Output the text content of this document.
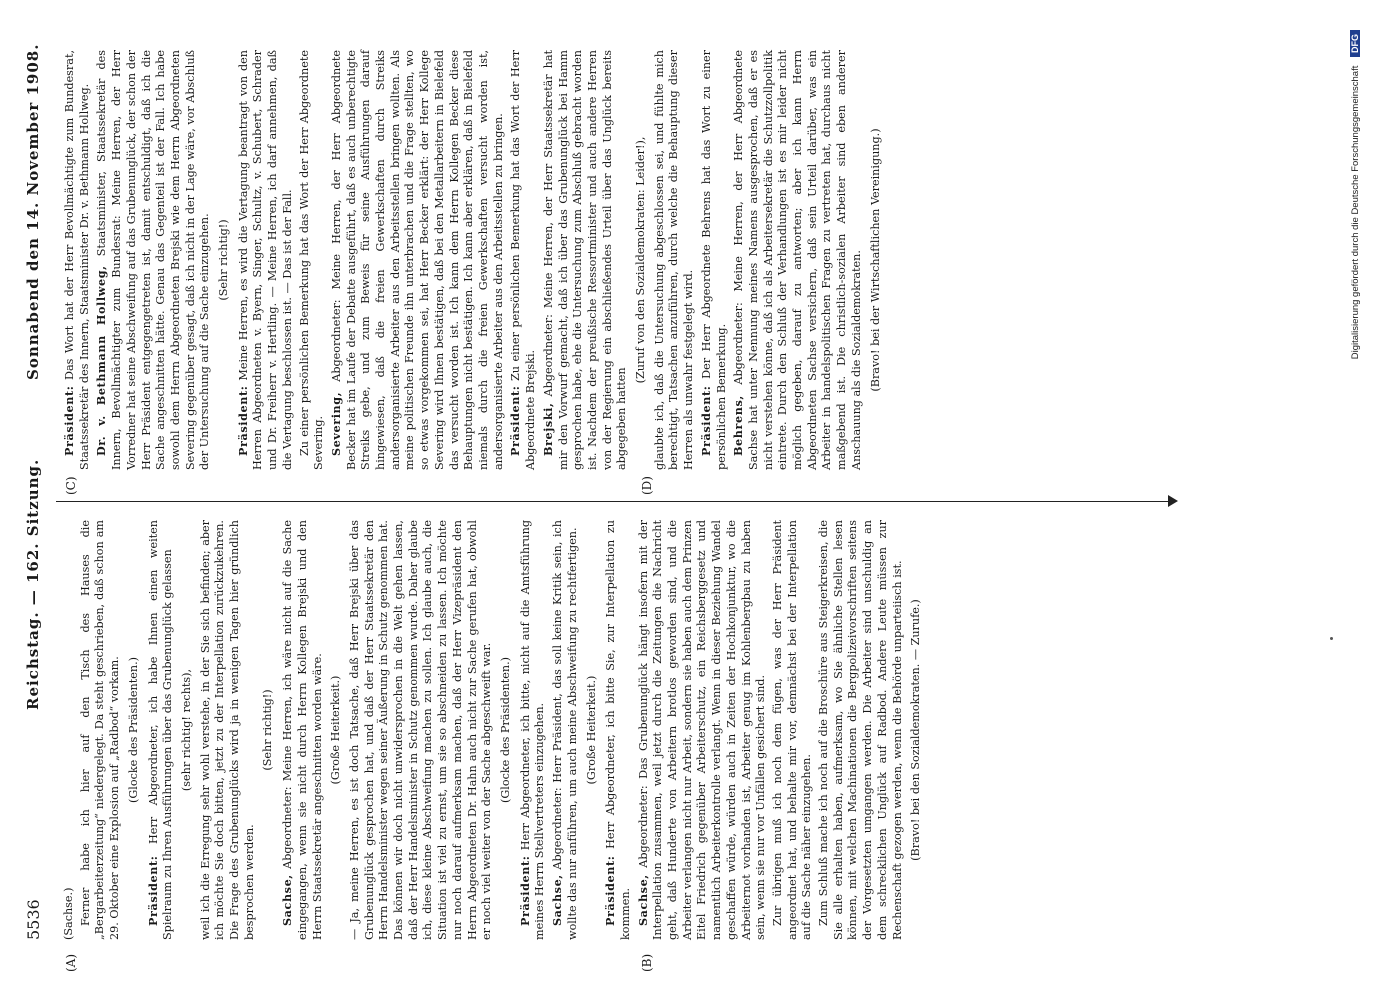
5536
Reichstag. — 162. Sitzung.
Sonnabend den 14. November 1908.
(A)	(B)
(C)	(D)

(Sachse.) Ferner habe ich hier auf den Tisch des Hauses die „Bergarbeiterzeitung“ niedergelegt. Da steht geschrieben, daß schon am 29. Oktober eine Explosion auf „Radbod“ vorkam. (Glocke des Präsidenten.)

Präsident: Herr Abgeordneter, ich habe Ihnen einen weiten Spielraum zu Ihren Ausführungen über das Grubenunglück gelassen (sehr richtig! rechts), weil ich die Erregung sehr wohl verstehe, in der Sie sich befinden; aber ich möchte Sie doch bitten, jetzt zu der Interpellation zurückzukehren. Die Frage des Grubenunglücks wird ja in wenigen Tagen hier gründlich besprochen werden.

(Sehr richtig!)

Sachse, Abgeordneter: Meine Herren, ich wäre nicht auf die Sache eingegangen, wenn sie nicht durch Herrn Kollegen Brejski und den Herrn Staatssekretär angeschnitten worden wäre. (Große Heiterkeit.) — Ja, meine Herren, es ist doch Tatsache, daß Herr Brejski über das Grubenunglück gesprochen hat, und daß der Herr Staatssekretär den Herrn Handelsminister wegen seiner Äußerung in Schutz genommen hat. Das können wir doch nicht unwidersprochen in die Welt gehen lassen, daß der Herr Handelsminister in Schutz genommen wurde. Daher glaube ich, diese kleine Abschweifung machen zu sollen. Ich glaube auch, die Situation ist viel zu ernst, um sie so abschneiden zu lassen. Ich möchte nur noch darauf aufmerksam machen, daß der Herr Vizepräsident den Herrn Abgeordneten Dr. Hahn auch nicht zur Sache gerufen hat, obwohl er noch viel weiter von der Sache abgeschweift war. (Glocke des Präsidenten.)

Präsident: Herr Abgeordneter, ich bitte, nicht auf die Amtsführung meines Herrn Stellvertreters einzugehen. Sachse, Abgeordneter: Herr Präsident, das soll keine Kritik sein, ich wollte das nur anführen, um auch meine Abschweifung zu rechtfertigen. (Große Heiterkeit.)

Präsident: Herr Abgeordneter, ich bitte Sie, zur Interpellation zu kommen. Sachse, Abgeordneter: Das Grubenunglück hängt insofern mit der Interpellation zusammen, weil jetzt durch die Zeitungen die Nachricht geht, daß Hunderte von Arbeitern brotlos geworden sind, und die Arbeiter verlangen nicht nur Arbeit, sondern sie haben auch dem Prinzen Eitel Friedrich gegenüber Arbeiterschutz, ein Reichsberggesetz und namentlich Arbeiterkontrolle verlangt. Wenn in dieser Beziehung Wandel geschaffen würde, würden auch in Zeiten der Hochkonjunktur, wo die Arbeiternot vorhanden ist, Arbeiter genug im Kohlenbergbau zu haben sein, wenn sie nur vor Unfällen gesichert sind. Zur übrigen muß ich noch dem fügen, was der Herr Präsident angeordnet hat, und behalte mir vor, demnächst bei der Interpellation auf die Sache näher einzugehen. Zum Schluß mache ich noch auf die Broschüre aus Steigerkreisen, die Sie alle erhalten haben, aufmerksam, wo Sie ähnliche Stellen lesen können, mit welchen Machinationen die Bergpolizeivorschriften seitens der Vorgesetzten umgangen werden. Die Arbeiter sind unschuldig an dem schrecklichen Unglück auf Radbod. Andere Leute müssen zur Rechenschaft gezogen werden, wenn die Behörde unparteiisch ist. (Bravo! bei den Sozialdemokraten. — Zurufe.)

Präsident: Das Wort hat der Herr Bevollmächtigte zum Bundesrat, Staatssekretär des Innern, Staatsminister Dr. v. Bethmann Hollweg. Dr. v. Bethmann Hollweg, Staatsminister, Staatssekretär des Innern, Bevollmächtigter zum Bundesrat: Meine Herren, der Herr Vorredner hat seine Abschweifung auf das Grubenunglück, der schon der Herr Präsident entgegengetreten ist, damit entschuldigt, daß ich die Sache angeschnitten hätte. Genau das Gegenteil ist der Fall. Ich habe sowohl dem Herrn Abgeordneten Brejski wie dem Herrn Abgeordneten Severing gegenüber gesagt, daß ich nicht in der Lage wäre, vor Abschluß der Untersuchung auf die Sache einzugehen. (Sehr richtig!)

Präsident: Meine Herren, es wird die Vertagung beantragt von den Herren Abgeordneten v. Byern, Singer, Schultz, v. Schubert, Schrader und Dr. Freiherr v. Hertling. — Meine Herren, ich darf annehmen, daß die Vertagung beschlossen ist. — Das ist der Fall. Zu einer persönlichen Bemerkung hat das Wort der Herr Abgeordnete Severing. Severing, Abgeordneter: Meine Herren, der Herr Abgeordnete Becker hat im Laufe der Debatte ausgeführt, daß es auch unberechtigte Streiks gebe, und zum Beweis für seine Ausführungen darauf hingewiesen, daß die freien Gewerkschaften durch Streiks andersorganisierte Arbeiter aus den Arbeitsstellen bringen wollten. Als meine politischen Freunde ihn unterbrachen und die Frage stellten, wo so etwas vorgekommen sei, hat Herr Becker erklärt: der Herr Kollege Severing wird Ihnen bestätigen, daß bei den Metallarbeitern in Bielefeld das versucht worden ist. Ich kann dem Herrn Kollegen Becker diese Behauptungen nicht bestätigen. Ich kann aber erklären, daß in Bielefeld niemals durch die freien Gewerkschaften versucht worden ist, andersorganisierte Arbeiter aus den Arbeitsstellen zu bringen. Präsident: Zu einer persönlichen Bemerkung hat das Wort der Herr Abgeordnete Brejski. Brejski, Abgeordneter: Meine Herren, der Herr Staatssekretär hat mir den Vorwurf gemacht, daß ich über das Grubenunglück bei Hamm gesprochen habe, ehe die Untersuchung zum Abschluß gebracht worden ist. Nachdem der preußische Ressortminister und auch andere Herren von der Regierung ein abschließendes Urteil über das Unglück bereits abgegeben hatten

(Zuruf von den Sozialdemokraten: Leider!), glaubte ich, daß die Untersuchung abgeschlossen sei, und fühlte mich berechtigt, Tatsachen anzuführen, durch welche die Behauptung dieser Herren als unwahr festgelegt wird. Präsident: Der Herr Abgeordnete Behrens hat das Wort zu einer persönlichen Bemerkung. Behrens, Abgeordneter: Meine Herren, der Herr Abgeordnete Sachse hat unter Nennung meines Namens ausgesprochen, daß er es nicht verstehen könne, daß ich als Arbeitersekretär die Schutzzollpolitik eintrete. Durch den Schluß der Verhandlungen ist es mir leider nicht möglich gegeben, darauf zu antworten; aber ich kann Herrn Abgeordneten Sachse versichern, daß sein Urteil darüber, was ein Arbeiter in handelspolitischen Fragen zu vertreten hat, durchaus nicht maßgebend ist. Die christlich-sozialen Arbeiter sind eben anderer Anschauung als die Sozialdemokraten. (Bravo! bei der Wirtschaftlichen Vereinigung.)	Digitalisierung gefördert durch die Deutsche Forschungsgemeinschaft DFG
